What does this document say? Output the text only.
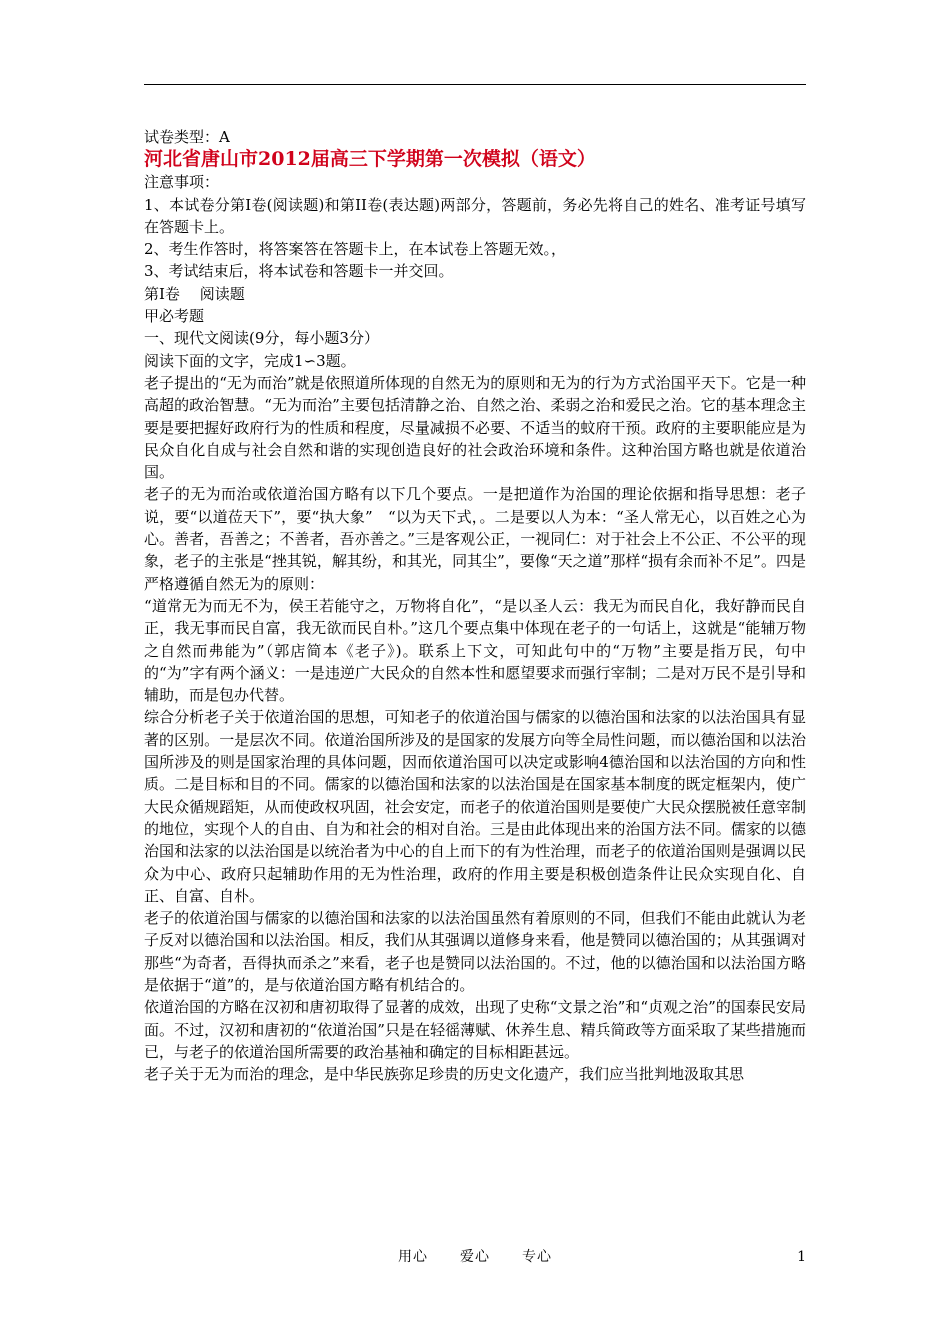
试卷类型：A

河北省唐山市2012届高三下学期第一次模拟（语文）

注意事项：

1、本试卷分第I卷(阅读题)和第II卷(表达题)两部分，答题前，务必先将自己的姓名、准考证号填写在答题卡上。

2、考生作答时，将答案答在答题卡上，在本试卷上答题无效。，

3、考试结束后，将本试卷和答题卡一并交回。

第I卷　 阅读题

甲必考题

一、现代文阅读(9分，每小题3分）

阅读下面的文字，完成1∽3题。

老子提出的“无为而治”就是依照道所体现的自然无为的原则和无为的行为方式治国平天下。它是一种高超的政治智慧。“无为而治”主要包括清静之治、自然之治、柔弱之治和爱民之治。它的基本理念主要是要把握好政府行为的性质和程度，尽量减损不必要、不适当的蚊府干预。政府的主要职能应是为民众自化自成与社会自然和谐的实现创造良好的社会政治环境和条件。这种治国方略也就是依道治国。

老子的无为而治或依道治国方略有以下几个要点。一是把道作为治国的理论依据和指导思想：老子说，要“以道莅天下”，要“执大象”　“以为天下式，。二是要以人为本：“圣人常无心，以百姓之心为心。善者，吾善之；不善者，吾亦善之。”三是客观公正，一视同仁：对于社会上不公正、不公平的现象，老子的主张是“挫其锐，解其纷，和其光，同其尘”，要像“天之道”那样“损有余而补不足”。四是严格遵循自然无为的原则：

“道常无为而无不为，侯王若能守之，万物将自化”，“是以圣人云：我无为而民自化，我好静而民自正，我无事而民自富，我无欲而民自朴。”这几个要点集中体现在老子的一句话上，这就是“能辅万物之自然而弗能为”（郭店简本《老子》)。联系上下文，可知此句中的“万物”主要是指万民，句中的“为”字有两个涵义：一是违逆广大民众的自然本性和愿望要求而强行宰制；二是对万民不是引导和辅助，而是包办代替。

综合分析老子关于依道治国的思想，可知老子的依道治国与儒家的以德治国和法家的以法治国具有显著的区别。一是层次不同。依道治国所涉及的是国家的发展方向等全局性问题，而以德治国和以法治国所涉及的则是国家治理的具体问题，因而依道治国可以决定或影响4德治国和以法治国的方向和性质。二是目标和目的不同。儒家的以德治国和法家的以法治国是在国家基本制度的既定框架内，使广大民众循规蹈矩，从而使政权巩固，社会安定，而老子的依道治国则是要使广大民众摆脱被任意宰制的地位，实现个人的自由、自为和社会的相对自治。三是由此体现出来的治国方法不同。儒家的以德治国和法家的以法治国是以统治者为中心的自上而下的有为性治理，而老子的依道治国则是强调以民众为中心、政府只起辅助作用的无为性治理，政府的作用主要是积极创造条件让民众实现自化、自正、自富、自朴。

老子的依道治国与儒家的以德治国和法家的以法治国虽然有着原则的不同，但我们不能由此就认为老子反对以德治国和以法治国。相反，我们从其强调以道修身来看，他是赞同以德治国的；从其强调对那些“为奇者，吾得执而杀之”来看，老子也是赞同以法治国的。不过，他的以德治国和以法治国方略是依据于“道”的，是与依道治国方略有机结合的。

依道治国的方略在汉初和唐初取得了显著的成效，出现了史称“文景之治”和“贞观之治”的国泰民安局面。不过，汉初和唐初的“依道治国”只是在轻徭薄赋、休养生息、精兵简政等方面采取了某些措施而已，与老子的依道治国所需要的政治基袖和确定的目标相距甚远。

老子关于无为而治的理念，是中华民族弥足珍贵的历史文化遗产，我们应当批判地汲取其思

用心 爱心 专心	1
